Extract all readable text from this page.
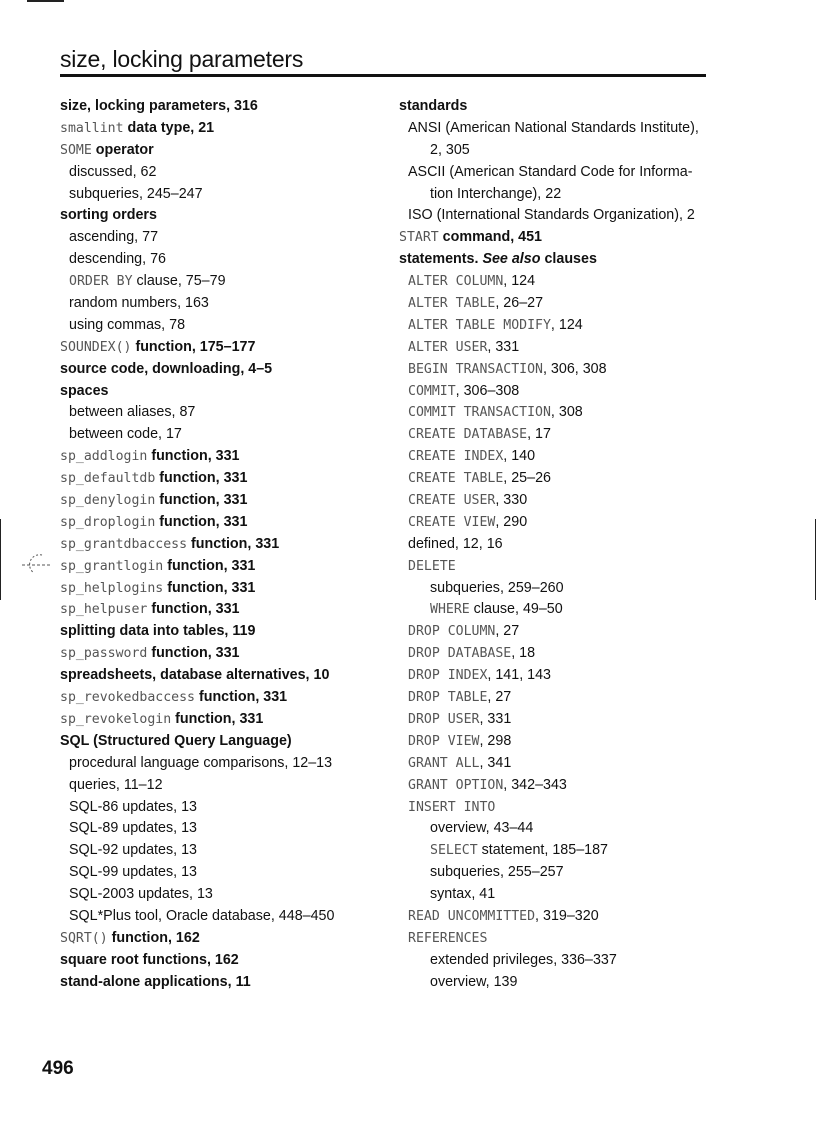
size, locking parameters
size, locking parameters, 316
smallint data type, 21
SOME operator
discussed, 62
subqueries, 245–247
sorting orders
ascending, 77
descending, 76
ORDER BY clause, 75–79
random numbers, 163
using commas, 78
SOUNDEX() function, 175–177
source code, downloading, 4–5
spaces
between aliases, 87
between code, 17
sp_addlogin function, 331
sp_defaultdb function, 331
sp_denylogin function, 331
sp_droplogin function, 331
sp_grantdbaccess function, 331
sp_grantlogin function, 331
sp_helplogins function, 331
sp_helpuser function, 331
splitting data into tables, 119
sp_password function, 331
spreadsheets, database alternatives, 10
sp_revokedbaccess function, 331
sp_revokelogin function, 331
SQL (Structured Query Language)
procedural language comparisons, 12–13
queries, 11–12
SQL-86 updates, 13
SQL-89 updates, 13
SQL-92 updates, 13
SQL-99 updates, 13
SQL-2003 updates, 13
SQL*Plus tool, Oracle database, 448–450
SQRT() function, 162
square root functions, 162
stand-alone applications, 11
standards
ANSI (American National Standards Institute),
2, 305
ASCII (American Standard Code for Informa-
tion Interchange), 22
ISO (International Standards Organization), 2
START command, 451
statements. See also clauses
ALTER COLUMN, 124
ALTER TABLE, 26–27
ALTER TABLE MODIFY, 124
ALTER USER, 331
BEGIN TRANSACTION, 306, 308
COMMIT, 306–308
COMMIT TRANSACTION, 308
CREATE DATABASE, 17
CREATE INDEX, 140
CREATE TABLE, 25–26
CREATE USER, 330
CREATE VIEW, 290
defined, 12, 16
DELETE
subqueries, 259–260
WHERE clause, 49–50
DROP COLUMN, 27
DROP DATABASE, 18
DROP INDEX, 141, 143
DROP TABLE, 27
DROP USER, 331
DROP VIEW, 298
GRANT ALL, 341
GRANT OPTION, 342–343
INSERT INTO
overview, 43–44
SELECT statement, 185–187
subqueries, 255–257
syntax, 41
READ UNCOMMITTED, 319–320
REFERENCES
extended privileges, 336–337
overview, 139
496
